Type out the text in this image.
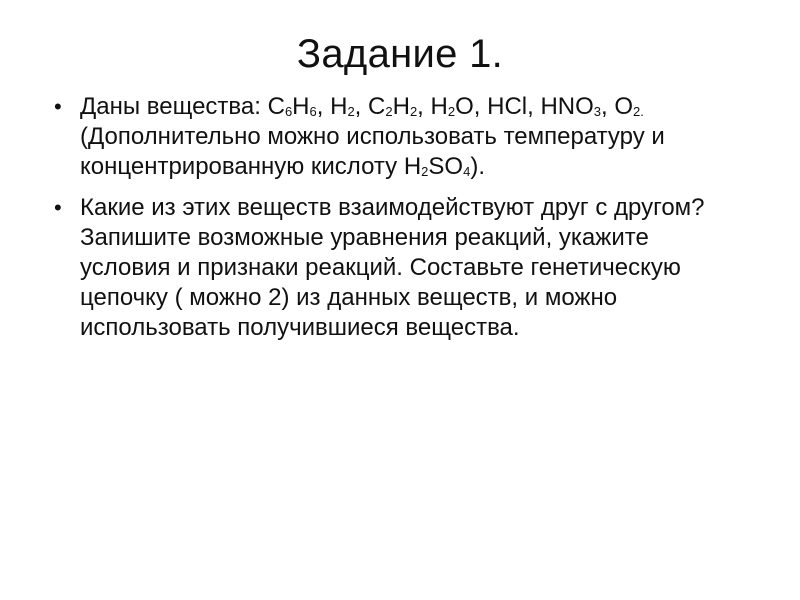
Задание 1.
• Даны вещества: C6H6, H2, C2H2, H2O, HCl, HNO3, O2. (Дополнительно можно использовать температуру и концентрированную кислоту H2SO4).
• Какие из этих веществ взаимодействуют друг с другом? Запишите возможные уравнения реакций, укажите условия и признаки реакций. Составьте генетическую цепочку ( можно 2) из данных веществ, и можно использовать получившиеся вещества.
